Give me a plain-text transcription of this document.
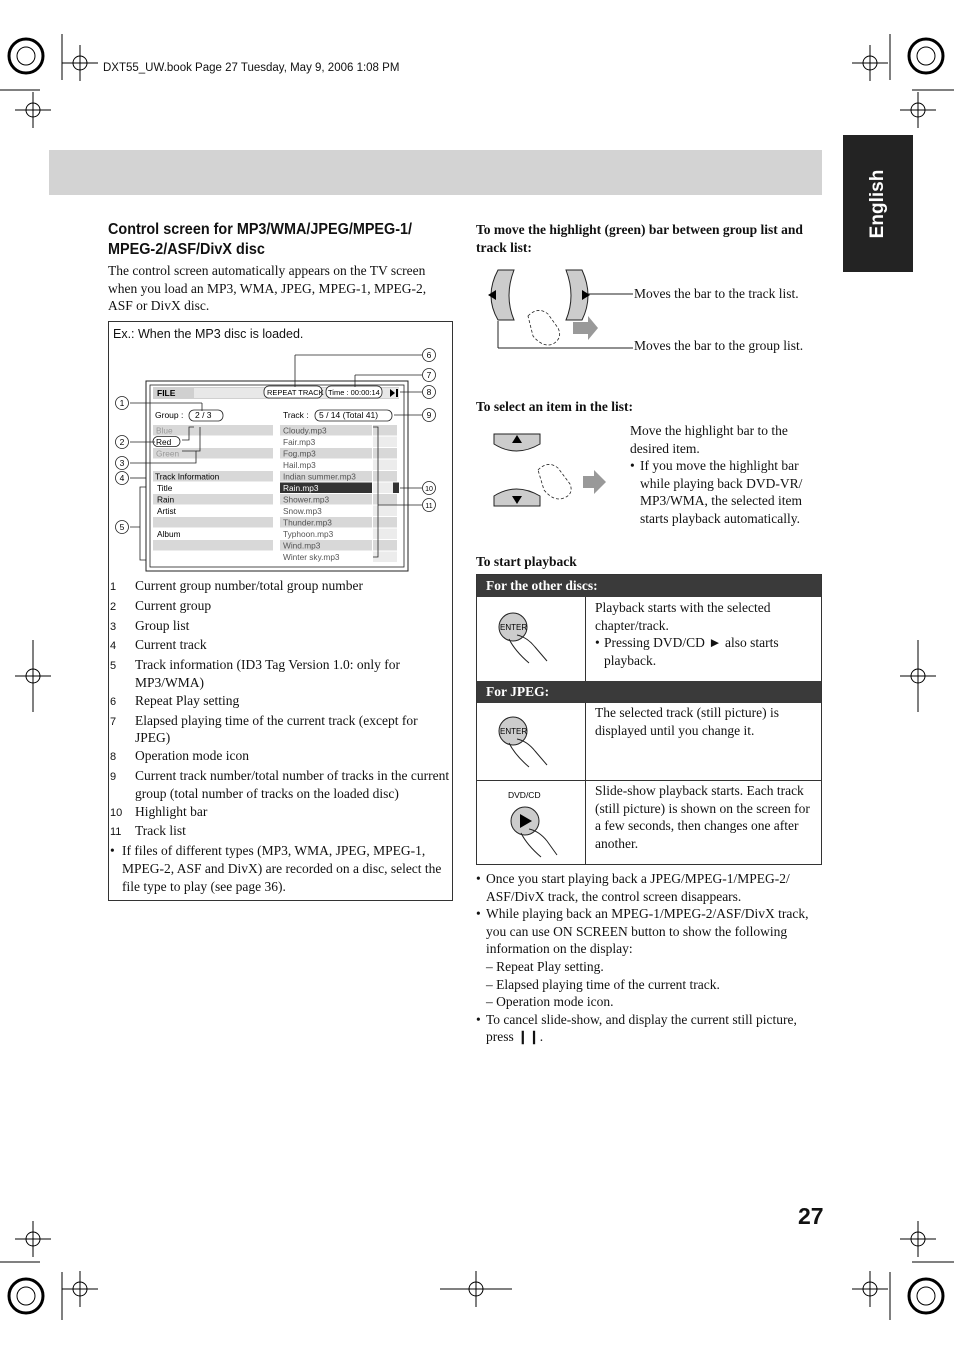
DXT55_UW.book Page 27 Tuesday, May 9, 2006 1:08 PM
English
Control screen for MP3/WMA/JPEG/MPEG-1/ MPEG-2/ASF/DivX disc
The control screen automatically appears on the TV screen when you load an MP3, WMA, JPEG, MPEG-1, MPEG-2, ASF or DivX disc.
Ex.: When the MP3 disc is loaded.
FILE	REPEAT TRACK Time : 00:00:14
Group : 2 / 3	Track : 5 / 14 (Total 41)
Blue
Red
Green
Track Information
Title
Rain
Artist
Album
Cloudy.mp3
Fair.mp3
Fog.mp3
Hail.mp3
Indian summer.mp3
Rain.mp3
Shower.mp3
Snow.mp3
Thunder.mp3
Typhoon.mp3
Wind.mp3
Winter sky.mp3
1
2
3
4
5
6
7
8
9
10
11
1	Current group number/total group number
2	Current group
3	Group list
4	Current track
5	Track information (ID3 Tag Version 1.0: only for MP3/WMA)
6	Repeat Play setting
7	Elapsed playing time of the current track (except for JPEG)
8	Operation mode icon
9	Current track number/total number of tracks in the current group (total number of tracks on the loaded disc)
10 Highlight bar
11	Track list
• If files of different types (MP3, WMA, JPEG, MPEG-1, MPEG-2, ASF and DivX) are recorded on a disc, select the file type to play (see page 36).
To move the highlight (green) bar between group list and track list:
Moves the bar to the track list.
Moves the bar to the group list.
To select an item in the list:
Move the highlight bar to the desired item.
• If you move the highlight bar while playing back DVD-VR/ MP3/WMA, the selected item starts playback automatically.
To start playback
For the other discs:
Playback starts with the selected chapter/track.
• Pressing DVD/CD ► also starts playback.
For JPEG:
The selected track (still picture) is displayed until you change it.
Slide-show playback starts. Each track (still picture) is shown on the screen for a few seconds, then changes one after another.
ENTER
ENTER
DVD/CD
• Once you start playing back a JPEG/MPEG-1/MPEG-2/ ASF/DivX track, the control screen disappears.
• While playing back an MPEG-1/MPEG-2/ASF/DivX track, you can use ON SCREEN button to show the following information on the display:
– Repeat Play setting.
– Elapsed playing time of the current track.
– Operation mode icon.
• To cancel slide-show, and display the current still picture, press ❙❙.
27
